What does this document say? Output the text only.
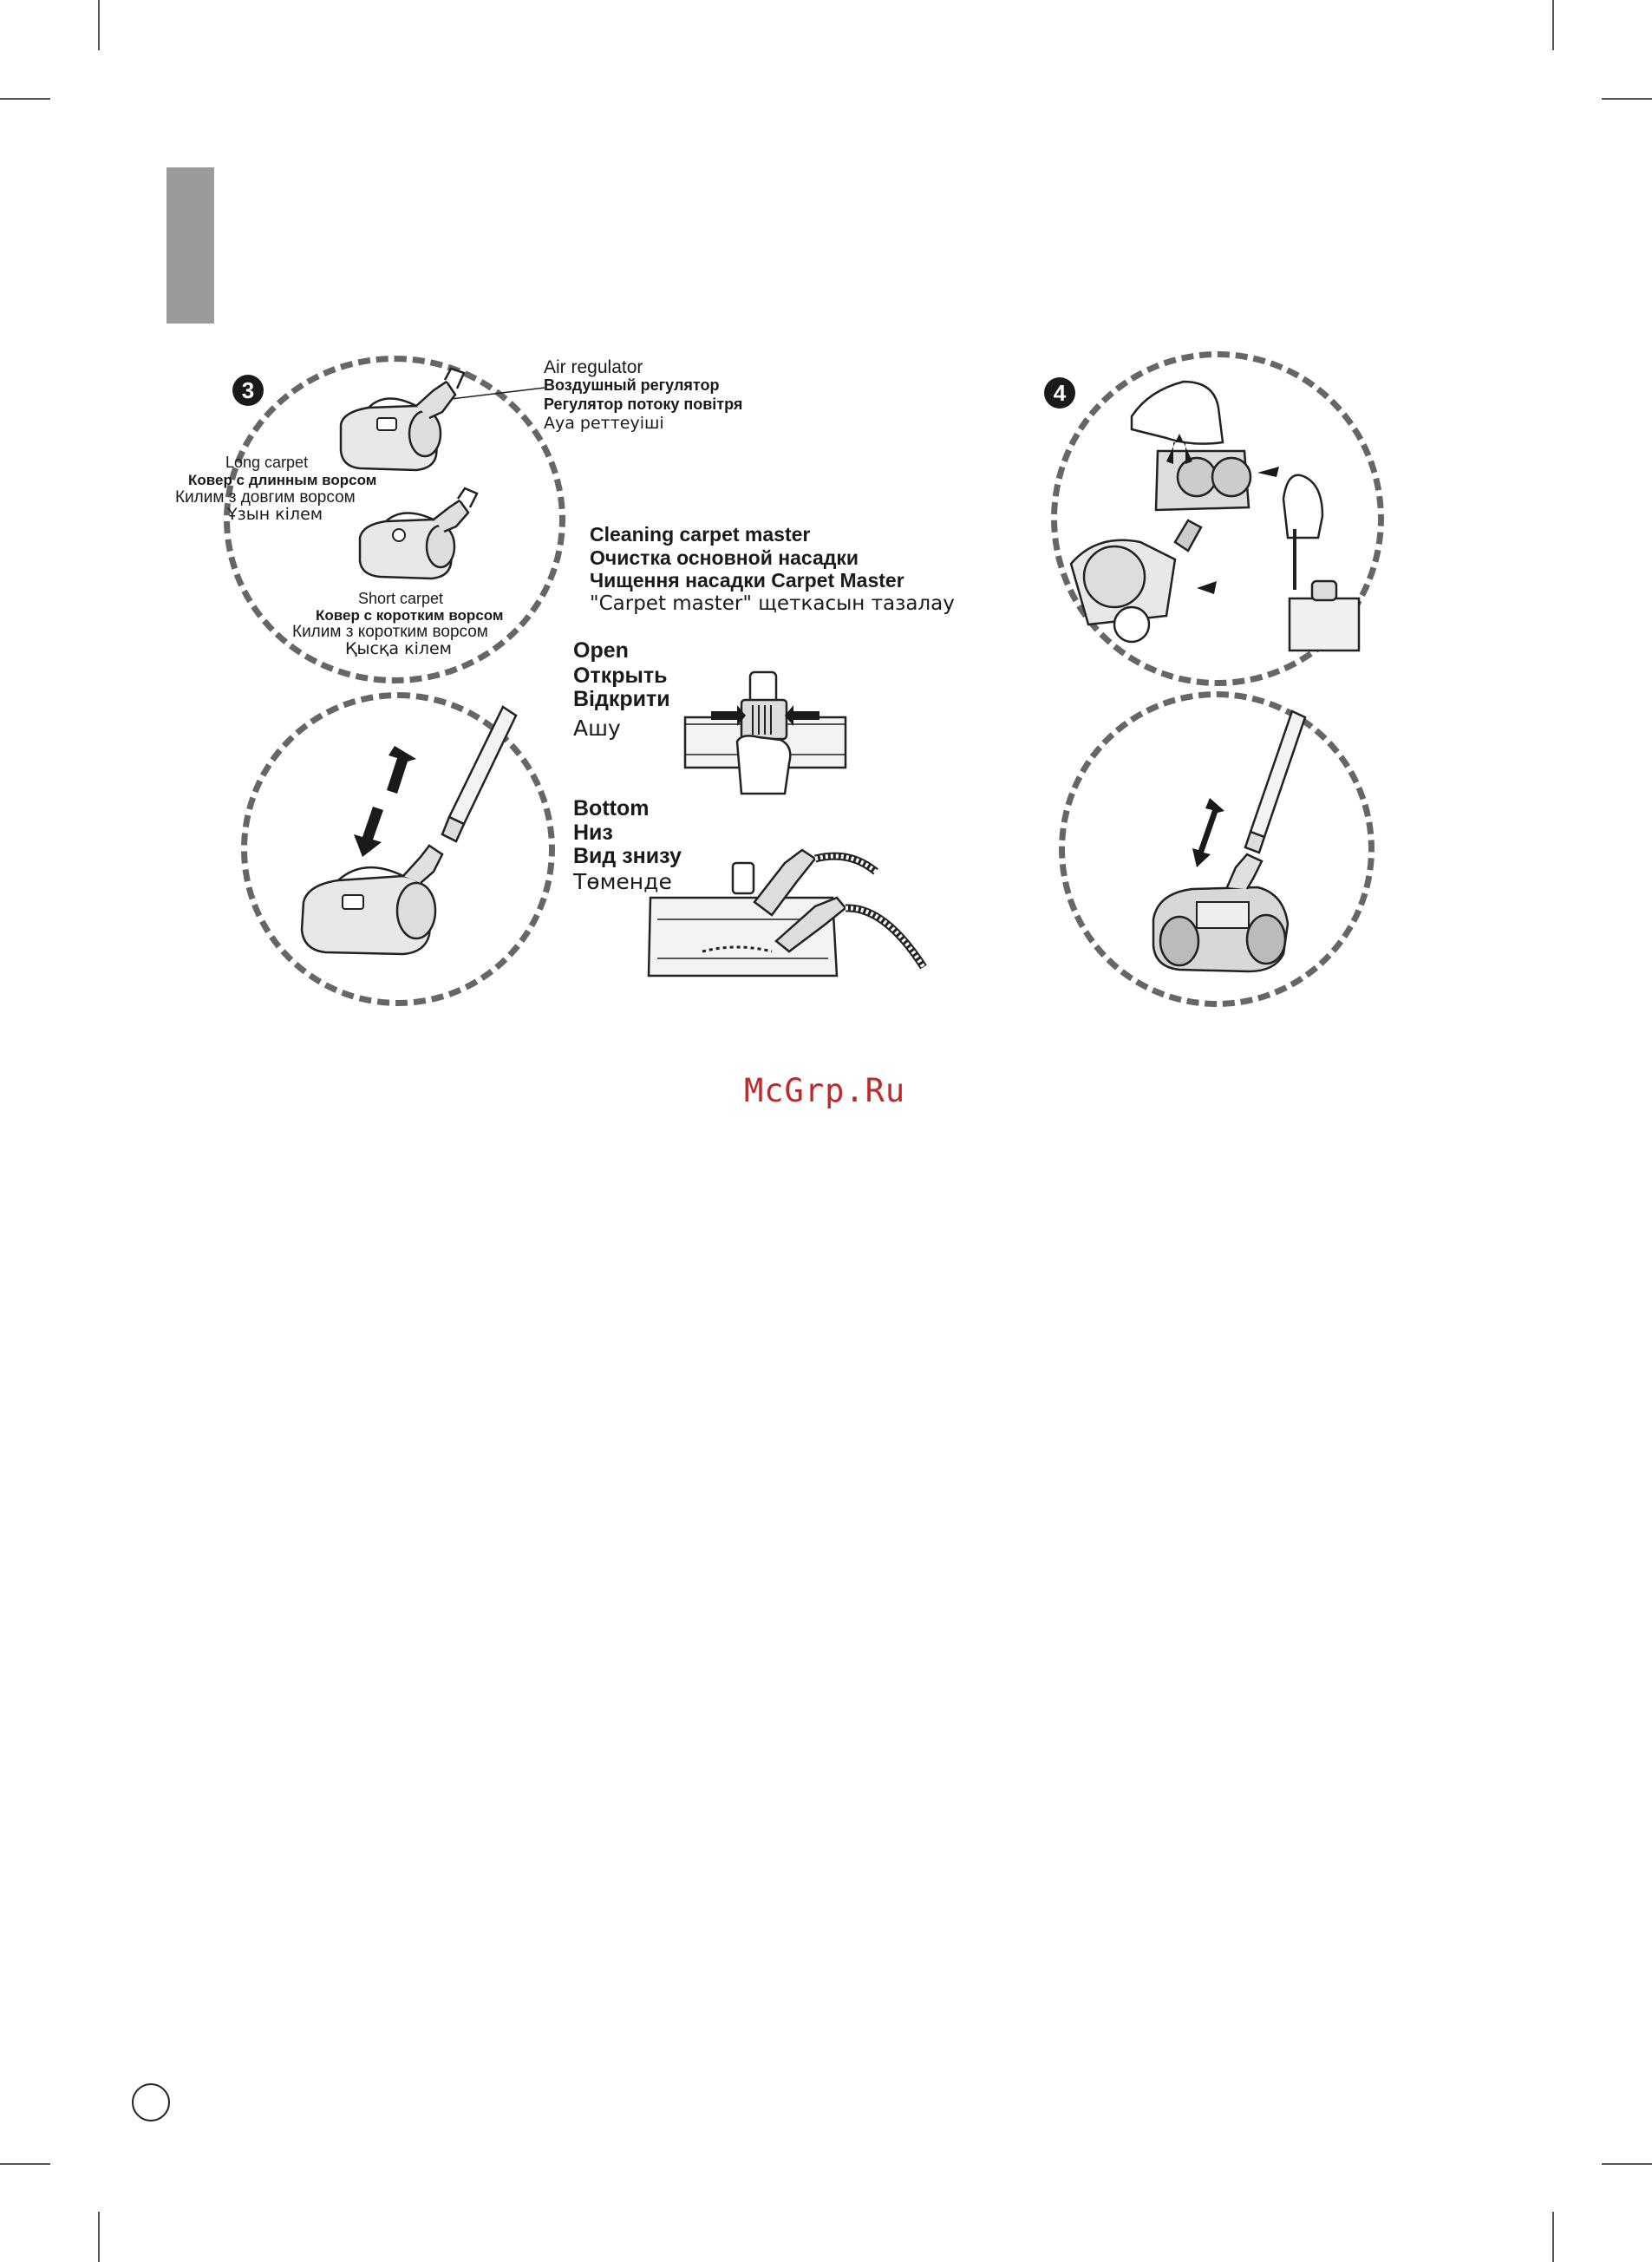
3
Air regulator
Воздушный регулятор
Регулятор потоку повітря
Ауа реттеуіші
Long carpet
Ковер с длинным ворсом
Килим з довгим ворсом
Ұзын кілем
Short carpet
Ковер с коротким ворсом
Килим з коротким ворсом
Қысқа кілем
Cleaning carpet master
Очистка основной насадки
Чищення насадки Carpet Master
"Carpet master" щеткасын тазалау
Open
Открыть
Відкрити
Ашу
Bottom
Низ
Вид знизу
Төменде
4
McGrp.Ru
